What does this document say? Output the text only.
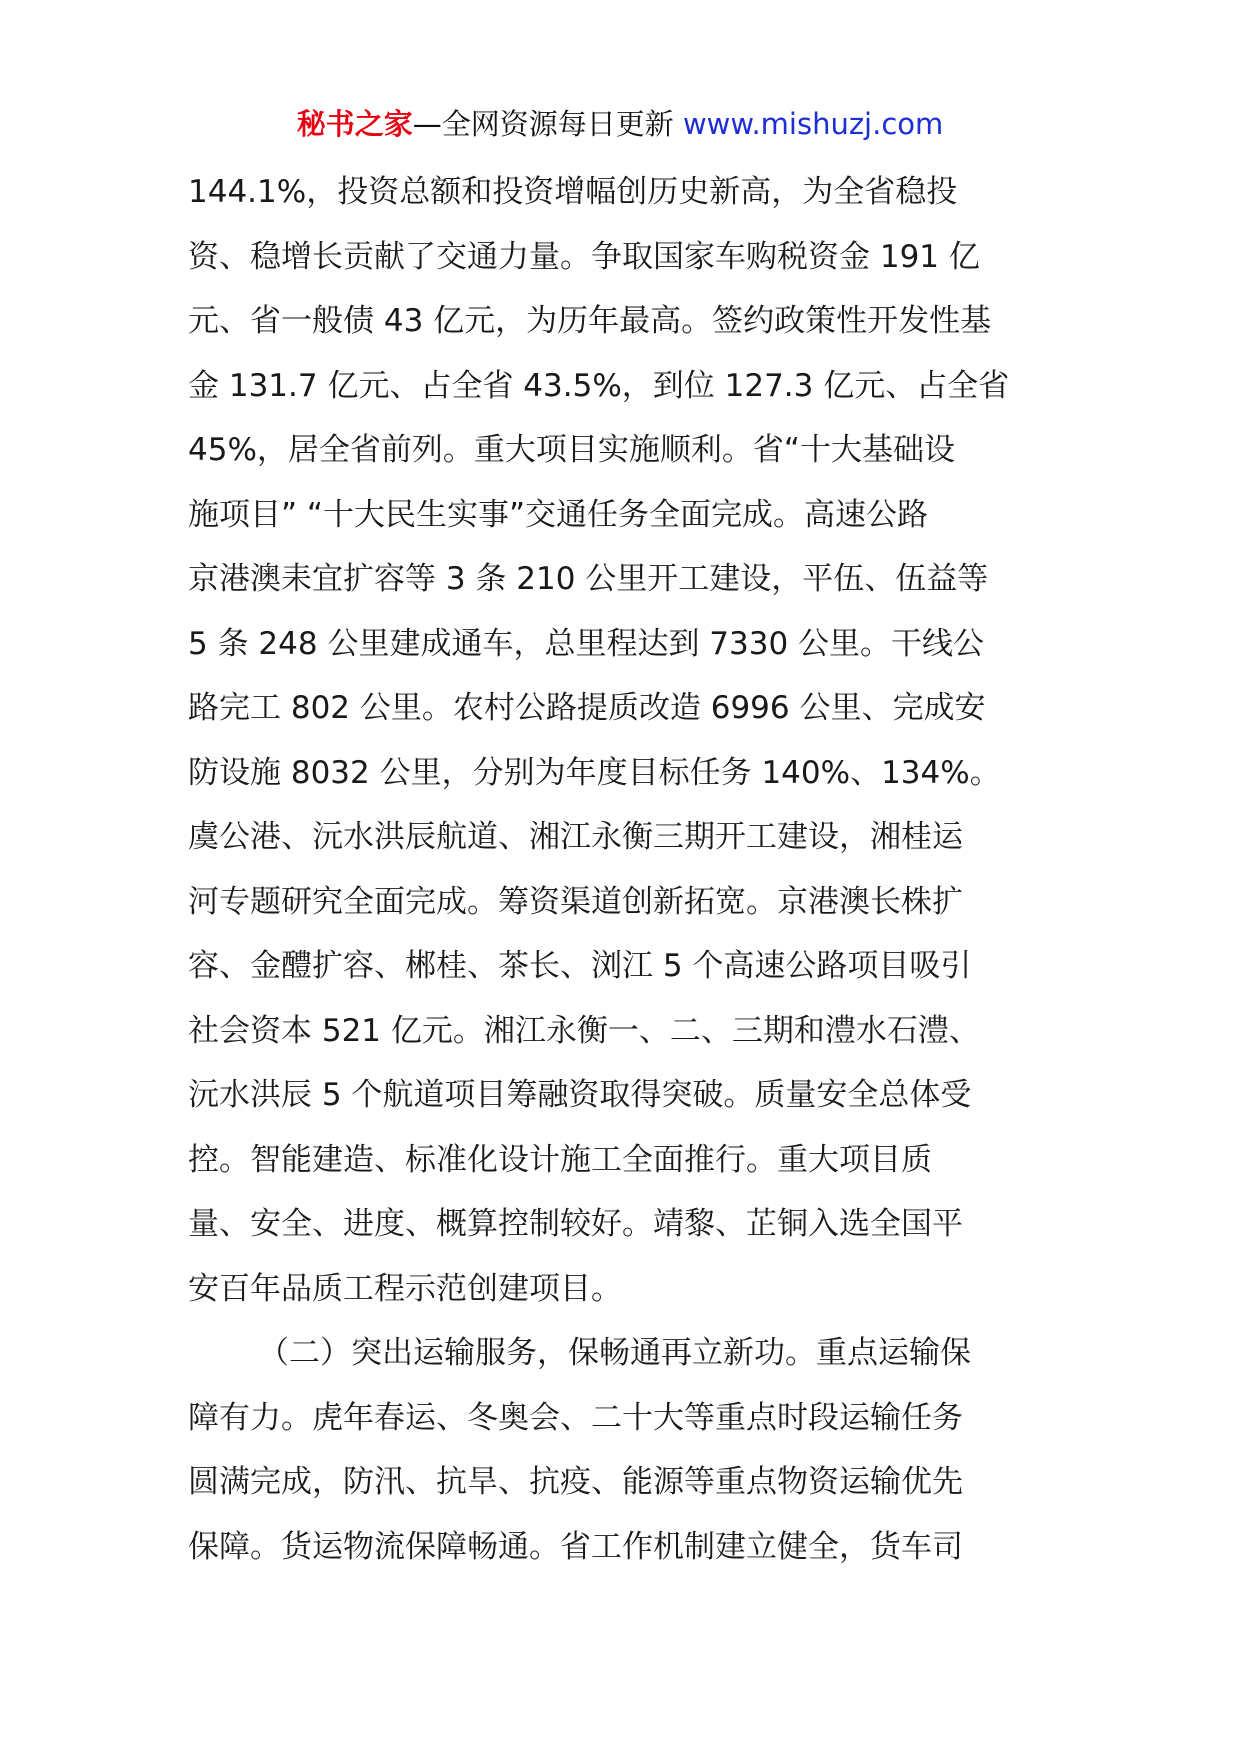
秘书之家—全网资源每日更新 www.mishuzj.com
144.1%，投资总额和投资增幅创历史新高，为全省稳投
资、稳增长贡献了交通力量。争取国家车购税资金 191 亿
元、省一般债 43 亿元，为历年最高。签约政策性开发性基
金 131.7 亿元、占全省 43.5%，到位 127.3 亿元、占全省
45%，居全省前列。重大项目实施顺利。省“十大基础设
施项目” “十大民生实事”交通任务全面完成。高速公路
京港澳耒宜扩容等 3 条 210 公里开工建设，平伍、伍益等
5 条 248 公里建成通车，总里程达到 7330 公里。干线公
路完工 802 公里。农村公路提质改造 6996 公里、完成安
防设施 8032 公里，分别为年度目标任务 140%、134%。
虞公港、沅水洪辰航道、湘江永衡三期开工建设，湘桂运
河专题研究全面完成。筹资渠道创新拓宽。京港澳长株扩
容、金醴扩容、郴桂、茶长、浏江 5 个高速公路项目吸引
社会资本 521 亿元。湘江永衡一、二、三期和澧水石澧、
沅水洪辰 5 个航道项目筹融资取得突破。质量安全总体受
控。智能建造、标准化设计施工全面推行。重大项目质
量、安全、进度、概算控制较好。靖黎、芷铜入选全国平
安百年品质工程示范创建项目。
（二）突出运输服务，保畅通再立新功。重点运输保
障有力。虎年春运、冬奥会、二十大等重点时段运输任务
圆满完成，防汛、抗旱、抗疫、能源等重点物资运输优先
保障。货运物流保障畅通。省工作机制建立健全，货车司
